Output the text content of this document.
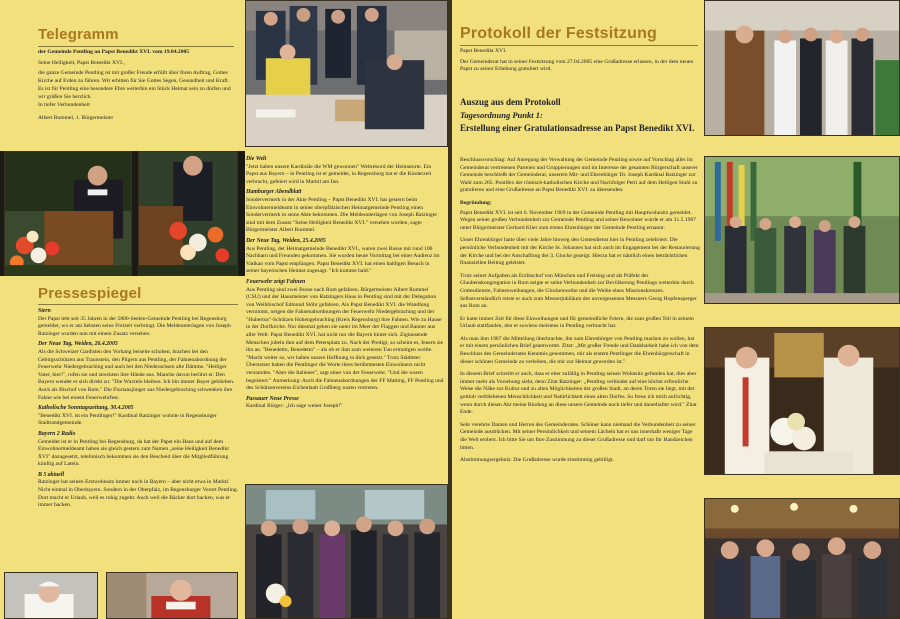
Telegramm

der Gemeinde Pentling an Papst Benedikt XVI. vom 19.04.2005

Seine Heiligkeit, Papst Benedikt XVI.,

die ganze Gemeinde Pentling ist mit großer Freude erfüllt über Ihren Auftrag, Gottes Kirche auf Erden zu führen. Wir erbitten für Sie Gottes Segen, Gesundheit und Kraft.

Es ist für Pentling eine besondere Ehre weiterhin ein Stück Heimat sein zu dürfen und wir grüßen Sie herzlich.

In tiefer Verbundenheit

Albert Rummel, 1. Bürgermeister

Pressespiegel
Stern

Der Papst lebt seit 35 Jahren in der 5800-Seelen-Gemeinde Pentling bei Regensburg gemeldet, wo er am liebsten seine Freizeit verbringt. Die Meldeunterlagen von Joseph Ratzinger wurden nun mit einem Zusatz versehen.

Der Neue Tag, Weiden, 26.4.2005

Als die Schweizer Gardisten den Vorhang beiseite schoben, brachen bei den Gebirgsschützen aus Traunstein, den Pilgern aus Pentling, der Fahnenabordnung der Feuerwehr Niedergebraching und auch bei den Niederachsen alle Dämme. "Heiliger Vater, hier!", rufen sie und streckten ihre Hände aus. Manche davon berührt er. Den Bayern wendet er sich direkt zu: "Die Wurzeln bleiben. Ich bin immer Bayer geblieben. Auch als Bischof von Rom." Die Floriansjünger aus Niedergebraching schwenken ihre Fahne wie bei einem Feuerwehrfest.

Katholische Sonntagszeitung, 30.4.2005

"Benedikt XVI. ist ein Pentlinger!" Kardinal Ratzinger wohnte in Regensburger Stadtrandgemeinde.

Bayern 2 Radio

Gemeldet ist er in Pentling bei Regensburg, da hat der Papst ein Haus und auf dem Einwohnermeldeamt haben sie gleich gestern zum Namen „seine Heiligkeit Benedikt XVI" dazugesetzt, telefonisch bekommen sie den Bescheid über die Mitgliedführung künftig auf Latein.

B 5 aktuell

Ratzinger hat seinen Erstwohnsitz immer noch in Bayern – aber nicht etwa in Marktl. Nicht einmal in Oberbayern. Sondern in der Oberpfalz, im Regensburger Vorort Pentling. Dort macht er Urlaub, weil es ruhig zugeht. Auch weil die Bäcker dort backen, was er immer backen.

Die Welt

"Jetzt haben unsere Kardinäle die WM gewonnen" Weltrekord der Heimatorte. Ein Papst aus Bayern – in Pentling ist er gemeldet, in Regensburg hat er die Kinderzeit verbracht, gefeiert wird in Marktl am Inn.

Hamburger Abendblatt

Sondervermerk in der Akte Pentling – Papst Benedikt XVI. hat gestern beim Einwohnermeldeamt in seiner oberpfälzischen Heimatgemeinde Pentling einen Sondervermerk in seine Akte bekommen. Die Meldeunterlagen von Joseph Ratzinger sind mit dem Zusatz "Seine Heiligkeit Benedikt XVI." versehen worden, sagte Bürgermeister Albert Rummel.

Der Neue Tag, Weiden, 25.4.2005

Aus Pentling, der Heimatgemeinde Benedikt XVI., waren zwei Busse mit rund 100 Nachbarn und Freunden gekommen. Sie wurden heute Vormittag bei einer Audienz im Vatikan vom Papst empfangen. Papst Benedikt XVI. hat einen baldigen Besuch in seiner bayerischen Heimat zugesagt. "Ich komme bald."

Feuerwehr zeigt Fahnen

Aus Pentling sind zwei Busse nach Rom gefahren. Bürgermeister Albert Rummel (CSU) und der Hausmeister von Ratzingers Haus in Pentling sind mit der Delegation von Weihbischof Edmund Stöhr gefahren. Als Papst Benedikt XVI. die Wandlung vernimmt, neigen die Fahnenabordnungen der Feuerwehr Niedergebraching und der "Hubertus"-Schützen Hohengebraching (Kreis Regensburg) ihre Fahnen. Wie zu Hause in der Dorfkirche. Nur diesmal gehen sie unter im Meer der Flaggen und Banner aus aller Welt. Papst Benedikt XVI. hat nicht nur die Bayern hinter sich. Zigtausende Menschen jubeln ihm auf dem Petersplatz zu. Nach der Predigt, so scheint es, feuern sie ihn an. "Benedetto, Benedetto" – als ob er ihm zum weiteren Tun ermutigen wollte. "Macht weiter so, wir haben unsere Hoffnung in dich gesetzt." Trotz Städteter Übersetzer haben die Pentlinger die Worte ihres berühmtesten Einwohners nicht verstanden. "Aber die Italiener", sagt einer von der Feuerwehr. "Und die waren begeistert." Anmerkung: Auch die Fahnenabordnungen der FF Matting, FF Pentling und des Schützenvereins Eichenlaub Großberg waren vertreten.

Passauer Neue Presse

Kardinal Bürger: „Ich sage weiter Joseph!"

Protokoll der Festsitzung

Papst Benedikt XVI.

Der Gemeinderat hat in seiner Festsitzung vom 27.04.2005 eine Grußadresse erlassen, in der dem neuen Papst zu seiner Erhebung gratuliert wird.

Auszug aus dem Protokoll
Tagesordnung Punkt 1:
Erstellung einer Gratulationsadresse an Papst Benedikt XVI.

Beschlussvorschlag: Auf Anregung der Verwaltung der Gemeinde Pentling sowie auf Vorschlag aller im Gemeinderat vertretenen Parteien und Gruppierungen und im Interesse der gesamten Bürgerschaft unserer Gemeinde beschließt der Gemeinderat, unserem Mit- und Ehrenbürger Dr. Joseph Kardinal Ratzinger zur Wahl zum 265. Pontifex der römisch-katholischen Kirche und Nachfolger Petri auf dem Heiligen Stuhl zu gratulieren und eine Grußadresse an Papst Benedikt XVI. zu übersenden.

Begründung:

Papst Benedikt XVI. ist seit 6. November 1969 in der Gemeinde Pentling mit Hauptwohnsitz gemeldet. Wegen seiner großen Verbundenheit zur Gemeinde Pentling und seiner Bewohner wurde er am 31.5.1987 unter Bürgermeister Gerhard Klier zum ersten Ehrenbürger der Gemeinde Pentling ernannt.

Unser Ehrenbürger hatte über viele Jahre hinweg den Gottesdienst hier in Pentling zelebriert. Die persönliche Verbundenheit mit der Kirche St. Johannes hat sich auch im Engagement bei der Restaurierung der Kirche und bei der Anschaffung der 3. Glocke gezeigt. Hierzu hat er nämlich einen beträchtlichen finanziellen Beitrag geleistet.

Trotz seiner Aufgaben als Erzbischof von München und Freising und als Präfekt der Glaubenskongregation in Rom zeigte er seine Verbundenheit zur Bevölkerung Pentlings weiterhin durch Gottesdienste, Fahnenweihungen, die Glockenweihe und die Weihe eines Missionskreuzes. Selbstverständlich reiste er auch zum Mesnerjubiläum des unvergessenen Messners Georg Hopfensperger aus Rom an.

Er hatte immer Zeit für diese Einweihungen und für gemeindliche Feiern, die zum großen Teil in seinem Urlaub stattfanden, den er sowieso meistens in Pentling verbracht hat.

Als man ihm 1987 die Mitteilung überbrachte, ihn zum Ehrenbürger von Pentling machen zu wollen, hat er mit einem persönlichen Brief geantwortet. Zitat: „Mit großer Freude und Dankbarkeit habe ich von dem Beschluss des Gemeinderates Kenntnis genommen, mir als erstem Pentlinger die Ehrenbürgerschaft in dieser schönen Gemeinde zu verleihen, die mir zur Heimat geworden ist."

In diesem Brief schreibt er auch, dass er eher zufällig in Pentling seinen Wohnsitz gefunden hat, dies aber immer mehr als Vorsehung sieht, denn Zitat Ratzinger: „Pentling verbindet auf eine höchst erfreuliche Weise die Nähe zur Kultur und zu allen Möglichkeiten der großen Stadt, an deren Toren sie liegt, mit der gottlob verbliebenen Menschlichkeit und Natürlichkeit eines alten Dorfes. So freue ich mich aufrichtig, wenn durch diesen Akt meine Bindung an diese unsere Gemeinde noch tiefer und dauerhafter wird." Zitat Ende.

Sehr verehrte Damen und Herren des Gemeinderates. Schöner kann niemand die Verbundenheit zu seiner Gemeinde ausdrücken. Mit seiner Persönlichkeit und seinem Lächeln hat er uns innerhalb weniger Tage die Welt erobert. Ich bitte Sie um Ihre Zustimmung zu dieser Grußadresse und darf um Ihr Handzeichen bitten.

Abstimmungsergebnis: Die Grußadresse wurde einstimmig gebilligt.
